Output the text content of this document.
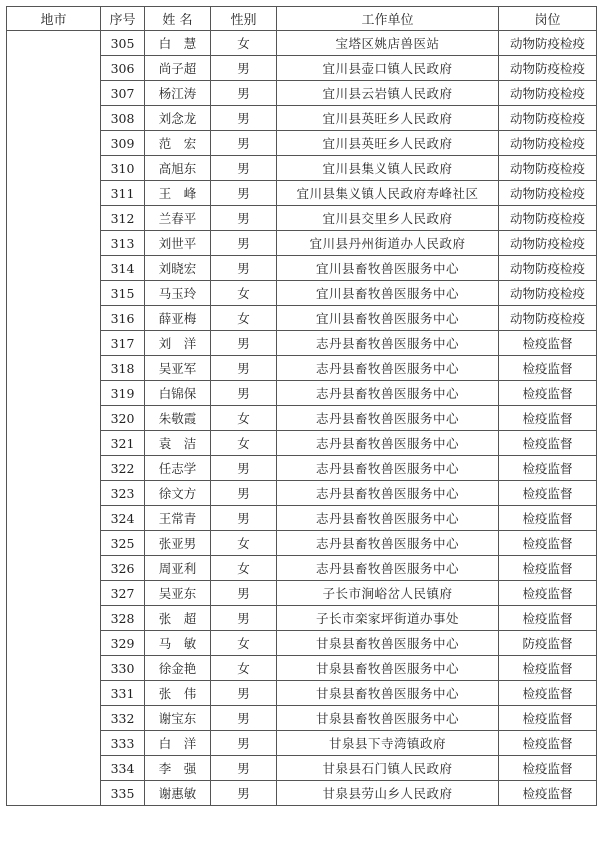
地市	序号	姓 名	性别	工作单位	岗位
	305	白　慧	女	宝塔区姚店兽医站	动物防疫检疫
	306	尚子超	男	宜川县壶口镇人民政府	动物防疫检疫
	307	杨江涛	男	宜川县云岩镇人民政府	动物防疫检疫
	308	刘念龙	男	宜川县英旺乡人民政府	动物防疫检疫
	309	范　宏	男	宜川县英旺乡人民政府	动物防疫检疫
	310	高旭东	男	宜川县集义镇人民政府	动物防疫检疫
	311	王　峰	男	宜川县集义镇人民政府寿峰社区	动物防疫检疫
	312	兰春平	男	宜川县交里乡人民政府	动物防疫检疫
	313	刘世平	男	宜川县丹州街道办人民政府	动物防疫检疫
	314	刘晓宏	男	宜川县畜牧兽医服务中心	动物防疫检疫
	315	马玉玲	女	宜川县畜牧兽医服务中心	动物防疫检疫
	316	薛亚梅	女	宜川县畜牧兽医服务中心	动物防疫检疫
	317	刘　洋	男	志丹县畜牧兽医服务中心	检疫监督
	318	吴亚军	男	志丹县畜牧兽医服务中心	检疫监督
	319	白锦保	男	志丹县畜牧兽医服务中心	检疫监督
	320	朱敬霞	女	志丹县畜牧兽医服务中心	检疫监督
	321	袁　洁	女	志丹县畜牧兽医服务中心	检疫监督
	322	任志学	男	志丹县畜牧兽医服务中心	检疫监督
	323	徐文方	男	志丹县畜牧兽医服务中心	检疫监督
	324	王常青	男	志丹县畜牧兽医服务中心	检疫监督
	325	张亚男	女	志丹县畜牧兽医服务中心	检疫监督
	326	周亚利	女	志丹县畜牧兽医服务中心	检疫监督
	327	吴亚东	男	子长市涧峪岔人民镇府	检疫监督
	328	张　超	男	子长市栾家坪街道办事处	检疫监督
	329	马　敏	女	甘泉县畜牧兽医服务中心	防疫监督
	330	徐金艳	女	甘泉县畜牧兽医服务中心	检疫监督
	331	张　伟	男	甘泉县畜牧兽医服务中心	检疫监督
	332	谢宝东	男	甘泉县畜牧兽医服务中心	检疫监督
	333	白　洋	男	甘泉县下寺湾镇政府	检疫监督
	334	李　强	男	甘泉县石门镇人民政府	检疫监督
	335	谢惠敏	男	甘泉县劳山乡人民政府	检疫监督
